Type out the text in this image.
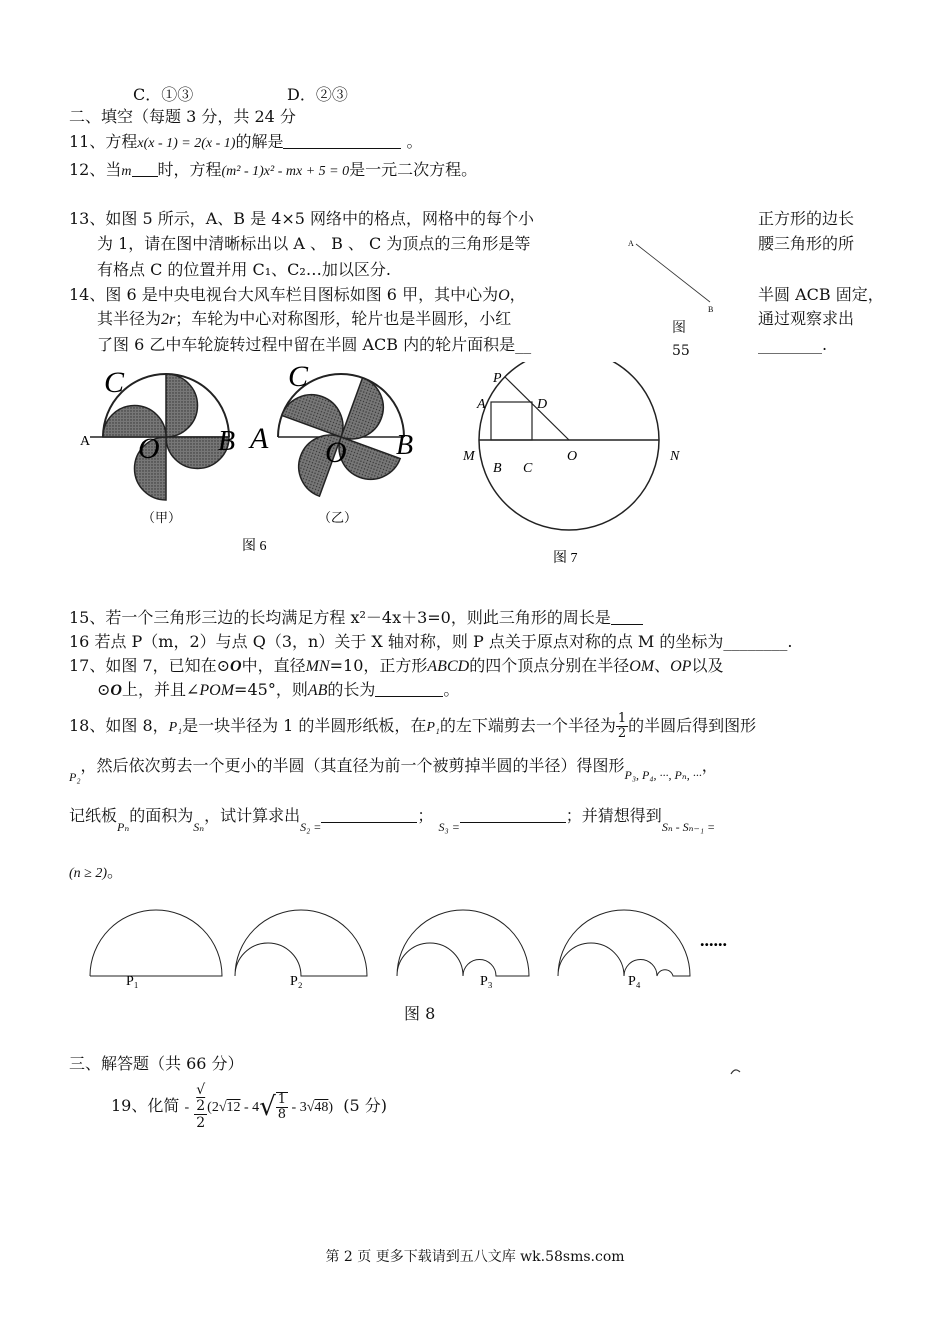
C．①③	D．②③
二、填空（每题 3 分，共 24 分
11、方程x(x - 1) = 2(x - 1)的解是	。
12、当m 时，方程(m² - 1)x² - mx + 5 = 0是一元二次方程。
13、如图 5 所示，A、B 是 4×5 网络中的格点，网格中的每个小	正方形的边长
为 1，请在图中清晰标出以 A 、 B 、 C 为顶点的三角形是等	腰三角形的所
有格点 C 的位置并用 C₁、C₂…加以区分.
A
B
图
55
14、图 6 是中央电视台大风车栏目图标如图 6 甲，其中心为O，	半圆 ACB 固定，
其半径为2r；车轮为中心对称图形，轮片也是半圆形，小红	通过观察求出
了图 6 乙中车轮旋转过程中留在半圆 ACB 内的轮片面积是__	________.
C
A	B
O
（甲）
C
A	B
O
（乙）
图 6
P
A	D
M
B C
O	N
图 7
15、若一个三角形三边的长均满足方程 x²－4x＋3=0，则此三角形的周长是
16 若点 P（m，2）与点 Q（3，n）关于 X 轴对称，则 P 点关于原点对称的点 M 的坐标为________.
17、如图 7，已知在⊙O中，直径MN=10，正方形ABCD的四个顶点分别在半径OM、OP以及
⊙O上，并且∠POM=45°，则AB的长为	。
18、如图 8，P₁是一块半径为 1 的半圆形纸板，在P₁的左下端剪去一个半径为 $\frac{1}{2}$ 的半圆后得到图形
$_{P_2}$，然后依次剪去一个更小的半圆（其直径为前一个被剪掉半圆的半径）得图形$_{P_3, P_4, \cdot\cdot\cdot, P_n, \cdot\cdot\cdot}$，
记纸板$_{P_n}$的面积为$_{S_n}$，试计算求出$_{S_2 =}$； $_{S_3 =}$；并猜想得到$_{S_n - S_{n-1} =}$
(n ≥ 2)。
......
P₁	P₂	P₃	P₄
图 8
三、解答题（共 66 分）
19、化简 - √
2
2 $(2√12 - 4√ \frac{1}{8} - 3√48)$ (5 分)
第 2 页 更多下载请到五八文库 wk.58sms.com
